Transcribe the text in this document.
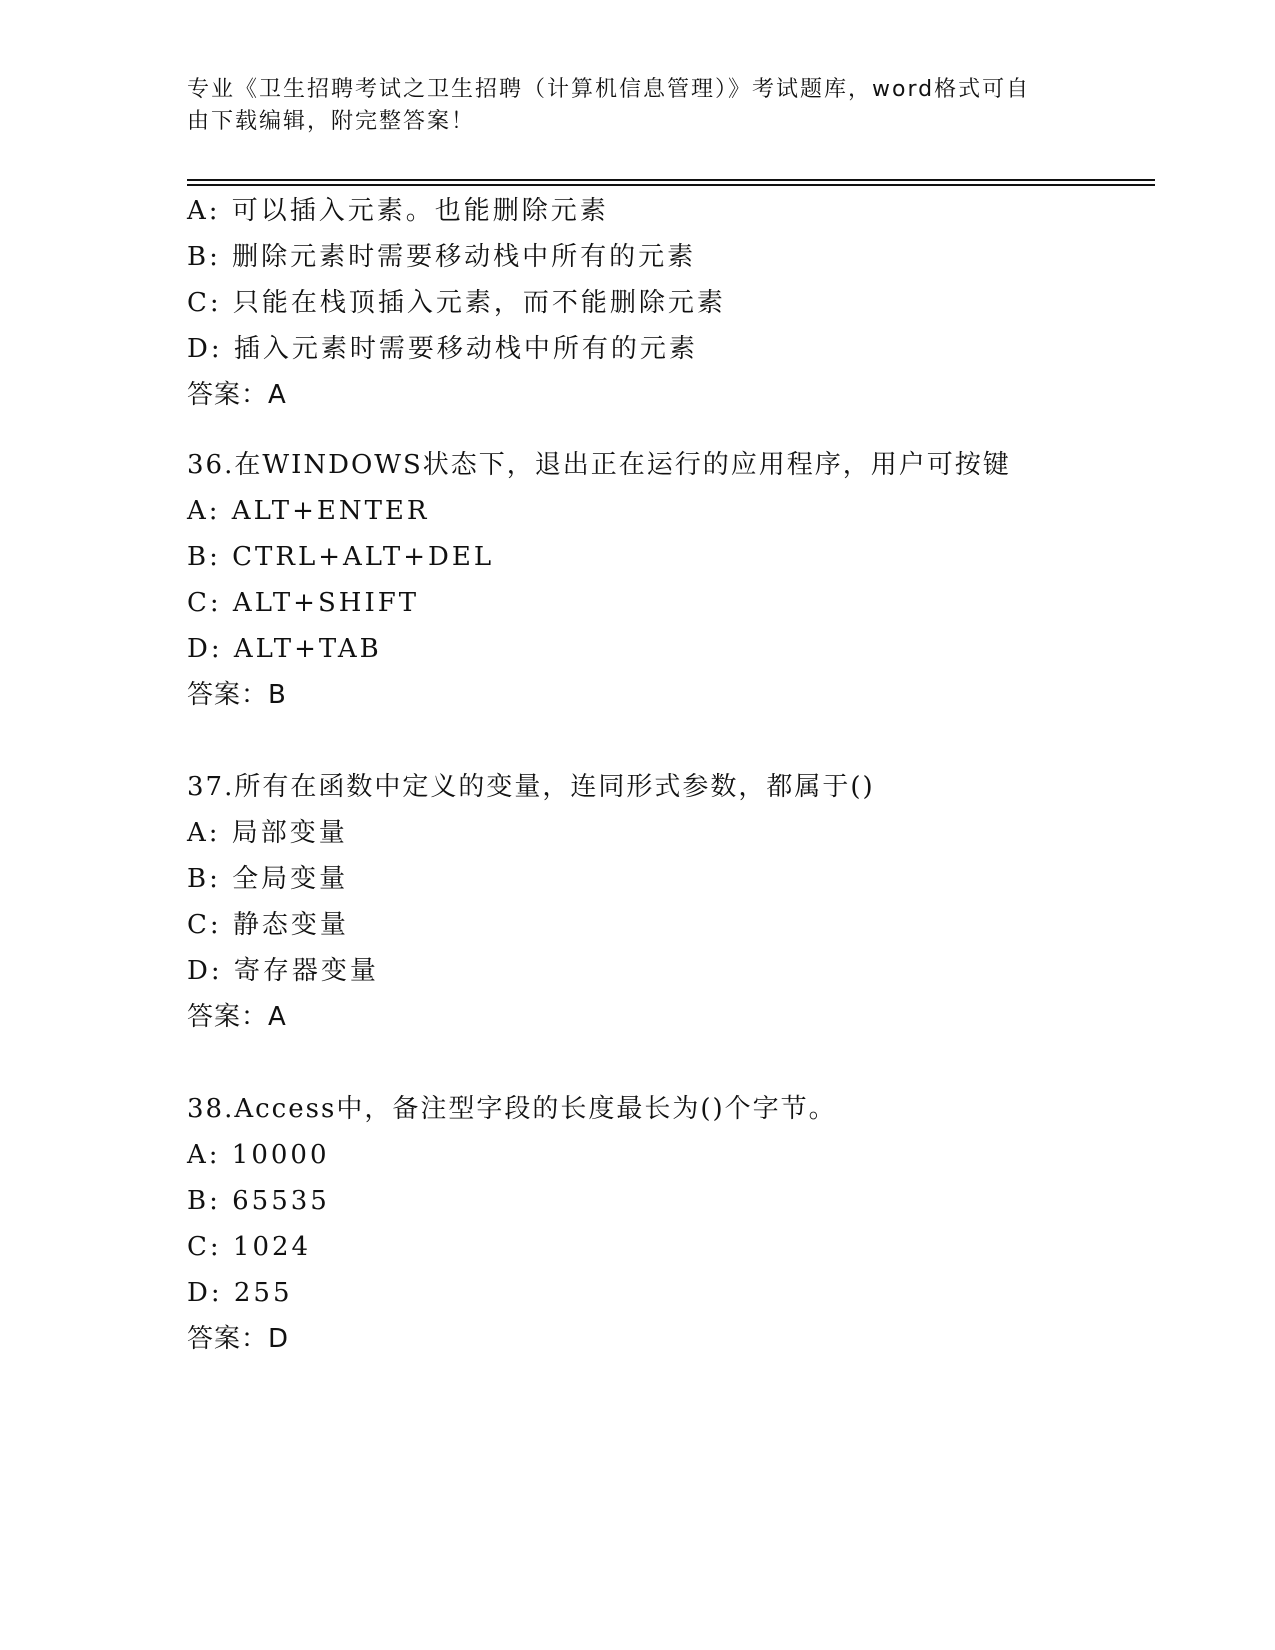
专业《卫生招聘考试之卫生招聘（计算机信息管理）》考试题库，word格式可自
由下载编辑，附完整答案！
A: 可以插入元素。也能删除元素
B: 删除元素时需要移动栈中所有的元素
C: 只能在栈顶插入元素，而不能删除元素
D: 插入元素时需要移动栈中所有的元素
答案：A
36.在WINDOWS状态下，退出正在运行的应用程序，用户可按键
A: ALT+ENTER
B: CTRL+ALT+DEL
C: ALT+SHIFT
D: ALT+TAB
答案：B
37.所有在函数中定义的变量，连同形式参数，都属于()
A: 局部变量
B: 全局变量
C: 静态变量
D: 寄存器变量
答案：A
38.Access中，备注型字段的长度最长为()个字节。
A: 10000
B: 65535
C: 1024
D: 255
答案：D
